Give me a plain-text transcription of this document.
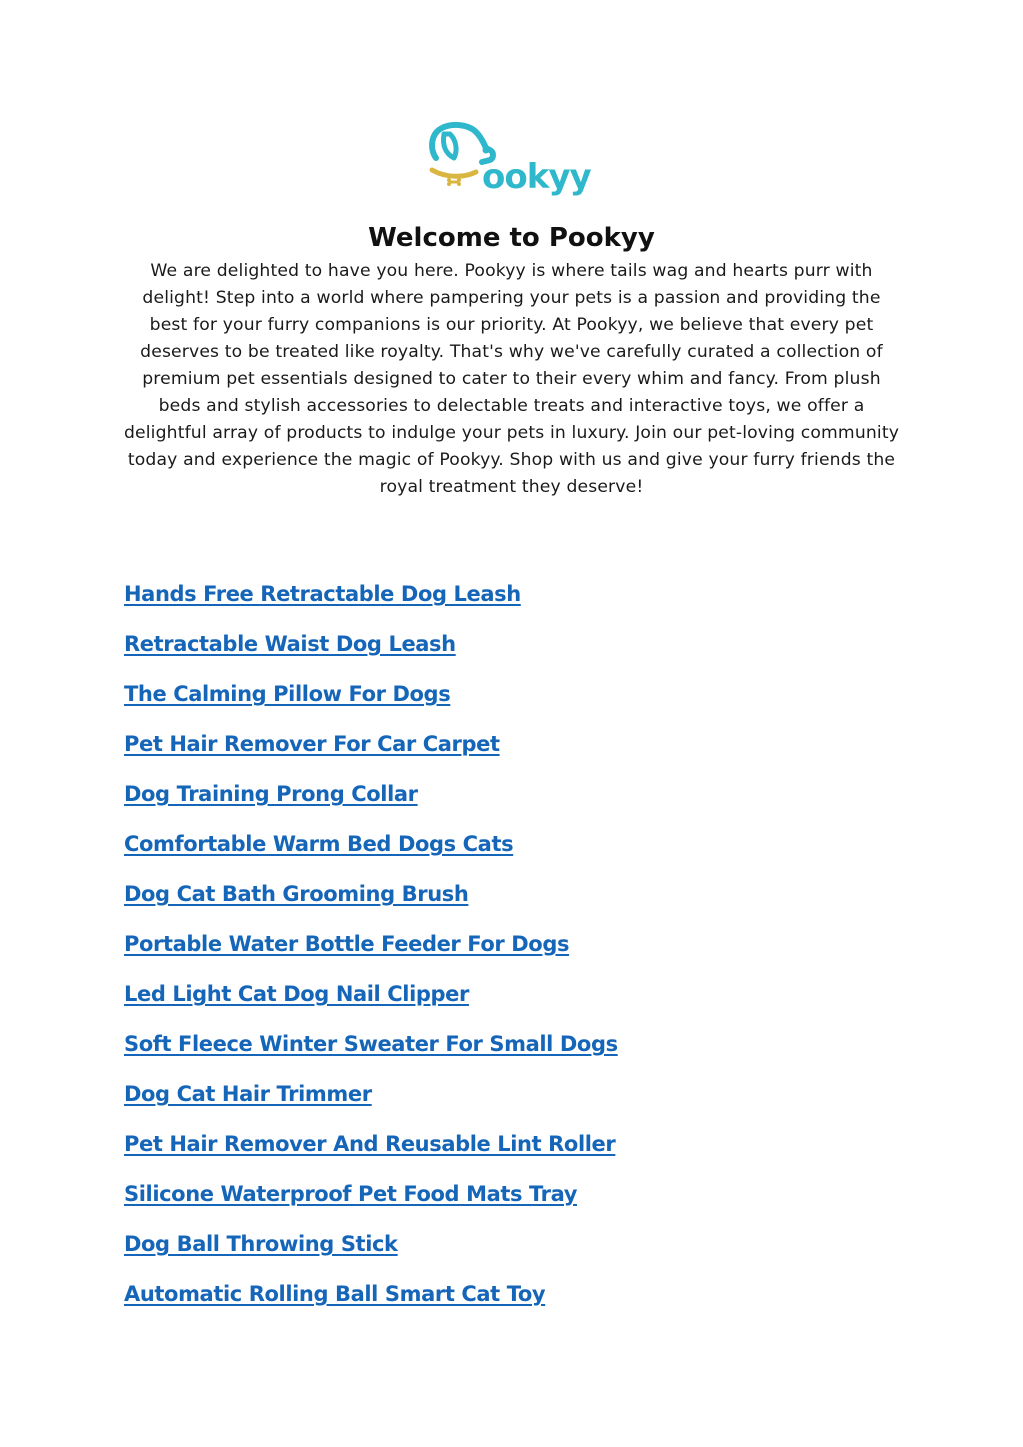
ookyy
Welcome to Pookyy

We are delighted to have you here. Pookyy is where tails wag and hearts purr with delight! Step into a world where pampering your pets is a passion and providing the best for your furry companions is our priority. At Pookyy, we believe that every pet deserves to be treated like royalty. That's why we've carefully curated a collection of premium pet essentials designed to cater to their every whim and fancy. From plush beds and stylish accessories to delectable treats and interactive toys, we offer a delightful array of products to indulge your pets in luxury. Join our pet-loving community today and experience the magic of Pookyy. Shop with us and give your furry friends the royal treatment they deserve!

Hands Free Retractable Dog Leash
Retractable Waist Dog Leash
The Calming Pillow For Dogs
Pet Hair Remover For Car Carpet
Dog Training Prong Collar
Comfortable Warm Bed Dogs Cats
Dog Cat Bath Grooming Brush
Portable Water Bottle Feeder For Dogs
Led Light Cat Dog Nail Clipper
Soft Fleece Winter Sweater For Small Dogs
Dog Cat Hair Trimmer
Pet Hair Remover And Reusable Lint Roller
Silicone Waterproof Pet Food Mats Tray
Dog Ball Throwing Stick
Automatic Rolling Ball Smart Cat Toy
